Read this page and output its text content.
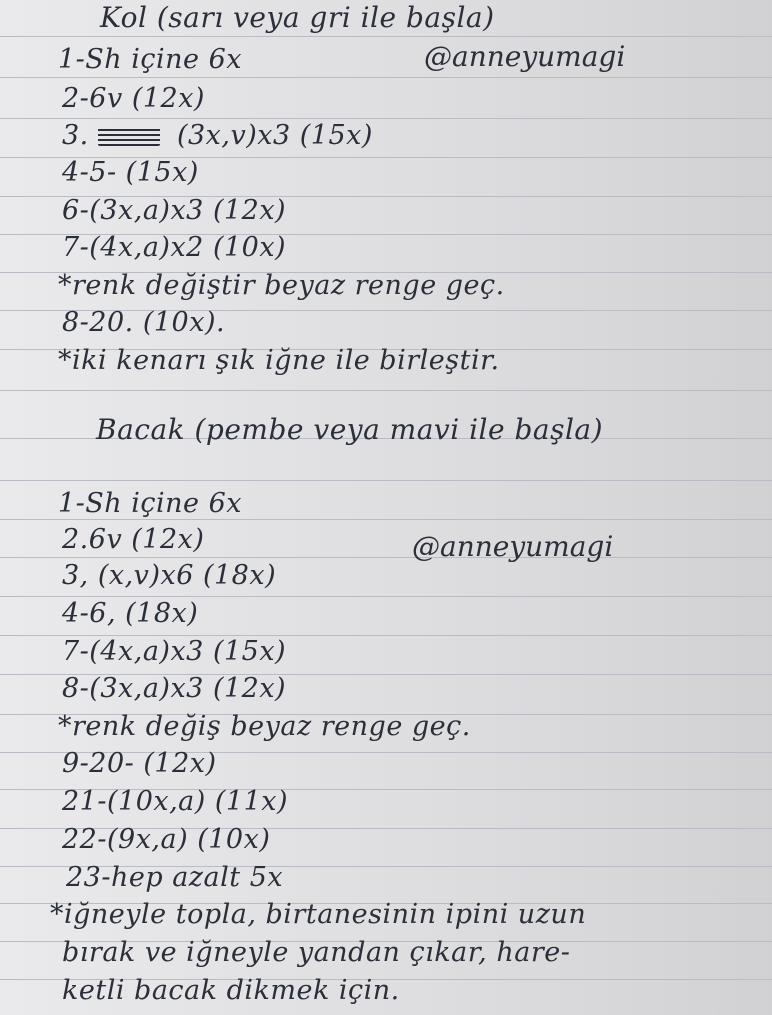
Kol (sarı veya gri ile başla)
1-Sh içine 6x	@anneyumagi
2-6v (12x)
3.	(3x,v)x3 (15x)
4-5- (15x)
6-(3x,a)x3 (12x)
7-(4x,a)x2 (10x)
*renk değiştir beyaz renge geç.
8-20. (10x).
*iki kenarı şık iğne ile birleştir.
Bacak (pembe veya mavi ile başla)
1-Sh içine 6x
2.6v (12x)	@anneyumagi
3, (x,v)x6 (18x)
4-6, (18x)
7-(4x,a)x3 (15x)
8-(3x,a)x3 (12x)
*renk değiş beyaz renge geç.
9-20- (12x)
21-(10x,a) (11x)
22-(9x,a) (10x)
23-hep azalt 5x
*iğneyle topla, birtanesinin ipini uzun
bırak ve iğneyle yandan çıkar, hare-
ketli bacak dikmek için.
